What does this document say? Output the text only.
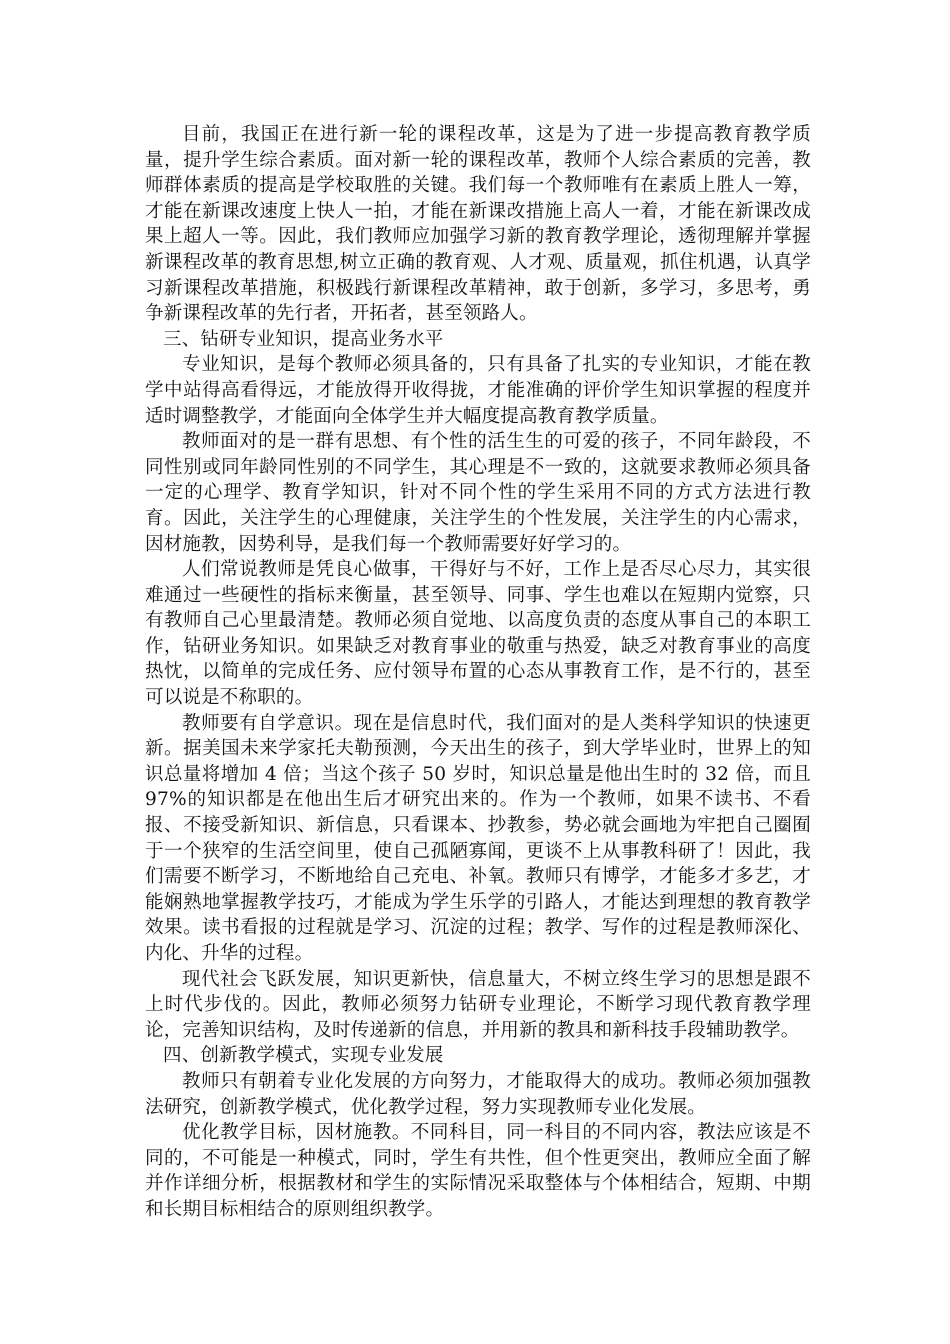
目前，我国正在进行新一轮的课程改革，这是为了进一步提高教育教学质量，提升学生综合素质。面对新一轮的课程改革，教师个人综合素质的完善，教师群体素质的提高是学校取胜的关键。我们每一个教师唯有在素质上胜人一筹，才能在新课改速度上快人一拍，才能在新课改措施上高人一着，才能在新课改成果上超人一等。因此，我们教师应加强学习新的教育教学理论，透彻理解并掌握新课程改革的教育思想,树立正确的教育观、人才观、质量观，抓住机遇，认真学习新课程改革措施，积极践行新课程改革精神，敢于创新，多学习，多思考，勇争新课程改革的先行者，开拓者，甚至领路人。

三、钻研专业知识，提高业务水平

专业知识，是每个教师必须具备的，只有具备了扎实的专业知识，才能在教学中站得高看得远，才能放得开收得拢，才能准确的评价学生知识掌握的程度并适时调整教学，才能面向全体学生并大幅度提高教育教学质量。

教师面对的是一群有思想、有个性的活生生的可爱的孩子，不同年龄段，不同性别或同年龄同性别的不同学生，其心理是不一致的，这就要求教师必须具备一定的心理学、教育学知识，针对不同个性的学生采用不同的方式方法进行教育。因此，关注学生的心理健康，关注学生的个性发展，关注学生的内心需求，因材施教，因势利导，是我们每一个教师需要好好学习的。

人们常说教师是凭良心做事，干得好与不好，工作上是否尽心尽力，其实很难通过一些硬性的指标来衡量，甚至领导、同事、学生也难以在短期内觉察，只有教师自己心里最清楚。教师必须自觉地、以高度负责的态度从事自己的本职工作，钻研业务知识。如果缺乏对教育事业的敬重与热爱，缺乏对教育事业的高度热忱，以简单的完成任务、应付领导布置的心态从事教育工作，是不行的，甚至可以说是不称职的。

教师要有自学意识。现在是信息时代，我们面对的是人类科学知识的快速更新。据美国未来学家托夫勒预测，今天出生的孩子，到大学毕业时，世界上的知识总量将增加 4 倍；当这个孩子 50 岁时，知识总量是他出生时的 32 倍，而且 97%的知识都是在他出生后才研究出来的。作为一个教师，如果不读书、不看报、不接受新知识、新信息，只看课本、抄教参，势必就会画地为牢把自己圈囿于一个狭窄的生活空间里，使自己孤陋寡闻，更谈不上从事教科研了！因此，我们需要不断学习，不断地给自己充电、补氧。教师只有博学，才能多才多艺，才能娴熟地掌握教学技巧，才能成为学生乐学的引路人，才能达到理想的教育教学效果。读书看报的过程就是学习、沉淀的过程；教学、写作的过程是教师深化、内化、升华的过程。

现代社会飞跃发展，知识更新快，信息量大，不树立终生学习的思想是跟不上时代步伐的。因此，教师必须努力钻研专业理论，不断学习现代教育教学理论，完善知识结构，及时传递新的信息，并用新的教具和新科技手段辅助教学。

四、创新教学模式，实现专业发展

教师只有朝着专业化发展的方向努力，才能取得大的成功。教师必须加强教法研究，创新教学模式，优化教学过程，努力实现教师专业化发展。

优化教学目标，因材施教。不同科目，同一科目的不同内容，教法应该是不同的，不可能是一种模式，同时，学生有共性，但个性更突出，教师应全面了解并作详细分析，根据教材和学生的实际情况采取整体与个体相结合，短期、中期和长期目标相结合的原则组织教学。
